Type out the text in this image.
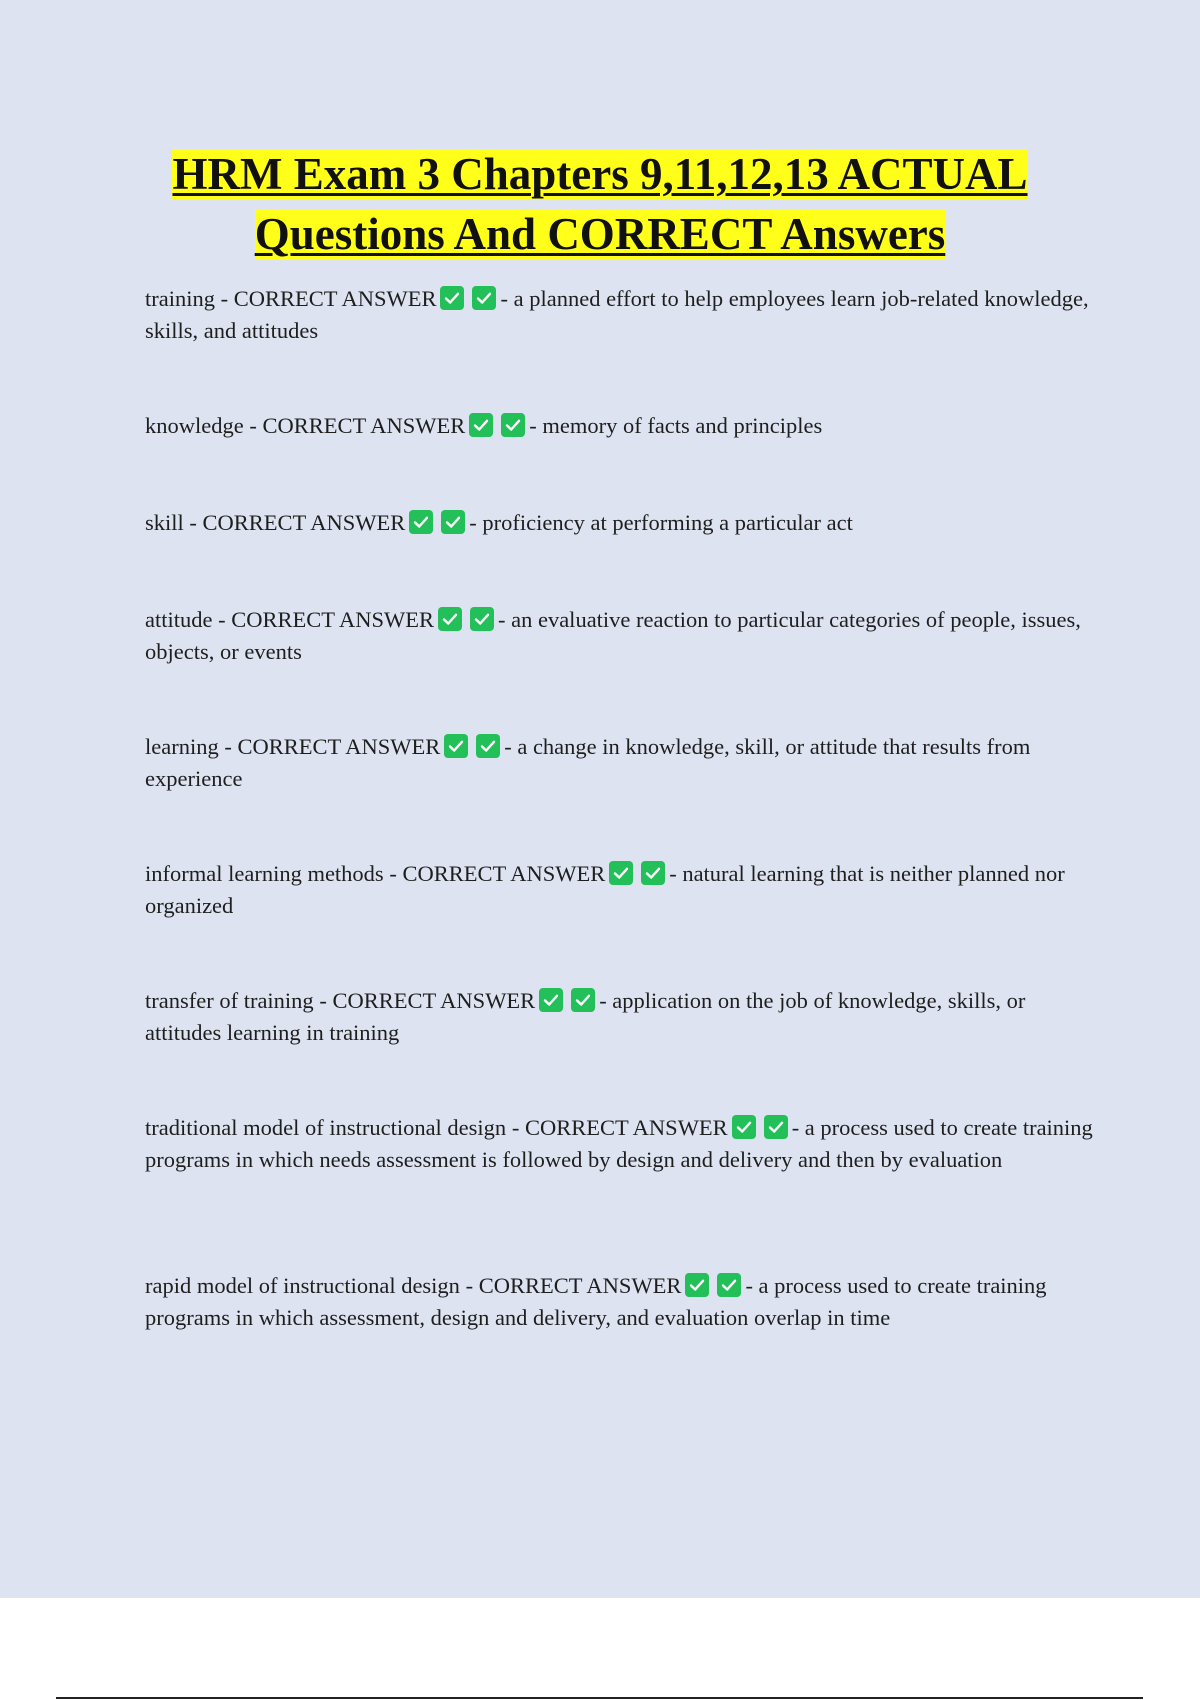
HRM Exam 3 Chapters 9,11,12,13 ACTUAL
Questions And CORRECT Answers

training - CORRECT ANSWER	- a planned effort to help employees learn job-related knowledge, skills, and attitudes

knowledge - CORRECT ANSWER	- memory of facts and principles

skill - CORRECT ANSWER	- proficiency at performing a particular act

attitude - CORRECT ANSWER	- an evaluative reaction to particular categories of people, issues, objects, or events

learning - CORRECT ANSWER	- a change in knowledge, skill, or attitude that results from experience

informal learning methods - CORRECT ANSWER	- natural learning that is neither planned nor organized

transfer of training - CORRECT ANSWER	- application on the job of knowledge, skills, or attitudes learning in training

traditional model of instructional design - CORRECT ANSWER	- a process used to create training programs in which needs assessment is followed by design and delivery and then by evaluation

rapid model of instructional design - CORRECT ANSWER	- a process used to create training programs in which assessment, design and delivery, and evaluation overlap in time
